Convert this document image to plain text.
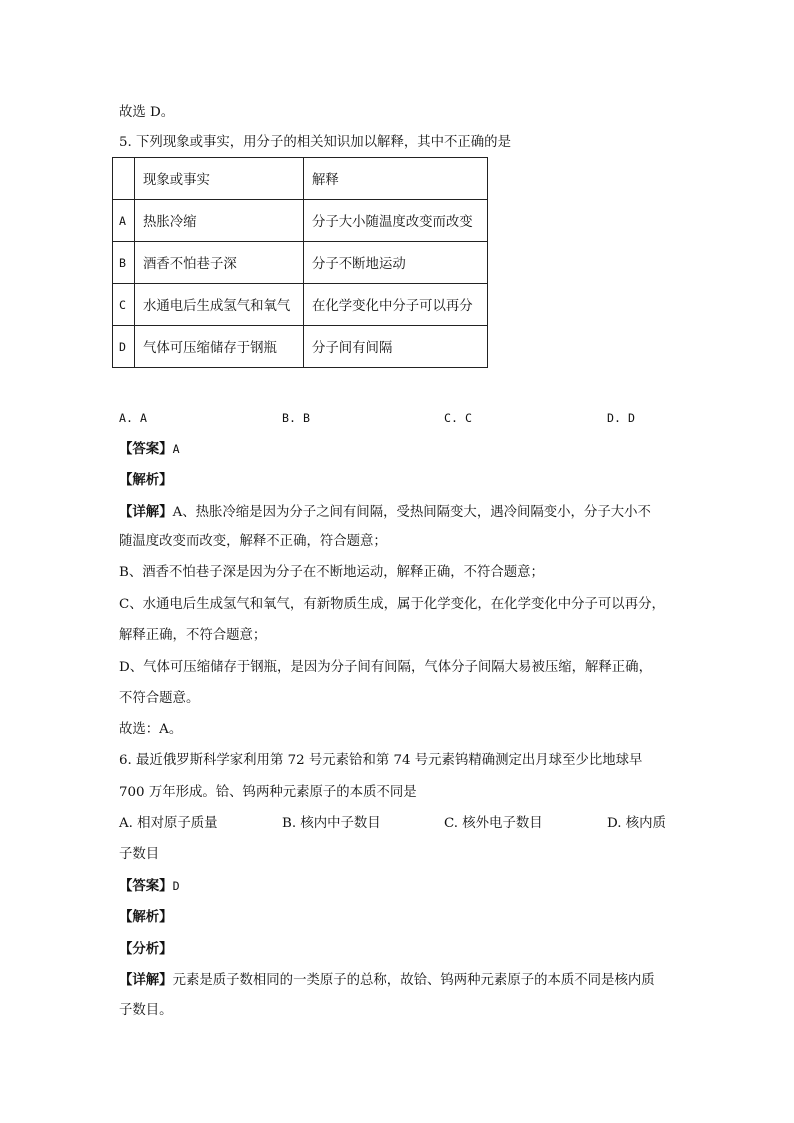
故选 D。
5. 下列现象或事实，用分子的相关知识加以解释，其中不正确的是
	现象或事实	解释
A	热胀冷缩	分子大小随温度改变而改变
B	酒香不怕巷子深	分子不断地运动
C	水通电后生成氢气和氧气	在化学变化中分子可以再分
D	气体可压缩储存于钢瓶	分子间有间隔
A. A	B. B	C. C	D. D
【答案】A
【解析】
【详解】A、热胀冷缩是因为分子之间有间隔，受热间隔变大，遇冷间隔变小，分子大小不
随温度改变而改变，解释不正确，符合题意；
B、酒香不怕巷子深是因为分子在不断地运动，解释正确，不符合题意；
C、水通电后生成氢气和氧气，有新物质生成，属于化学变化，在化学变化中分子可以再分，
解释正确，不符合题意；
D、气体可压缩储存于钢瓶，是因为分子间有间隔，气体分子间隔大易被压缩，解释正确，
不符合题意。
故选：A。
6. 最近俄罗斯科学家利用第 72 号元素铪和第 74 号元素钨精确测定出月球至少比地球早
700 万年形成。铪、钨两种元素原子的本质不同是
A. 相对原子质量	B. 核内中子数目	C. 核外电子数目	D. 核内质
子数目
【答案】D
【解析】
【分析】
【详解】元素是质子数相同的一类原子的总称，故铪、钨两种元素原子的本质不同是核内质
子数目。
